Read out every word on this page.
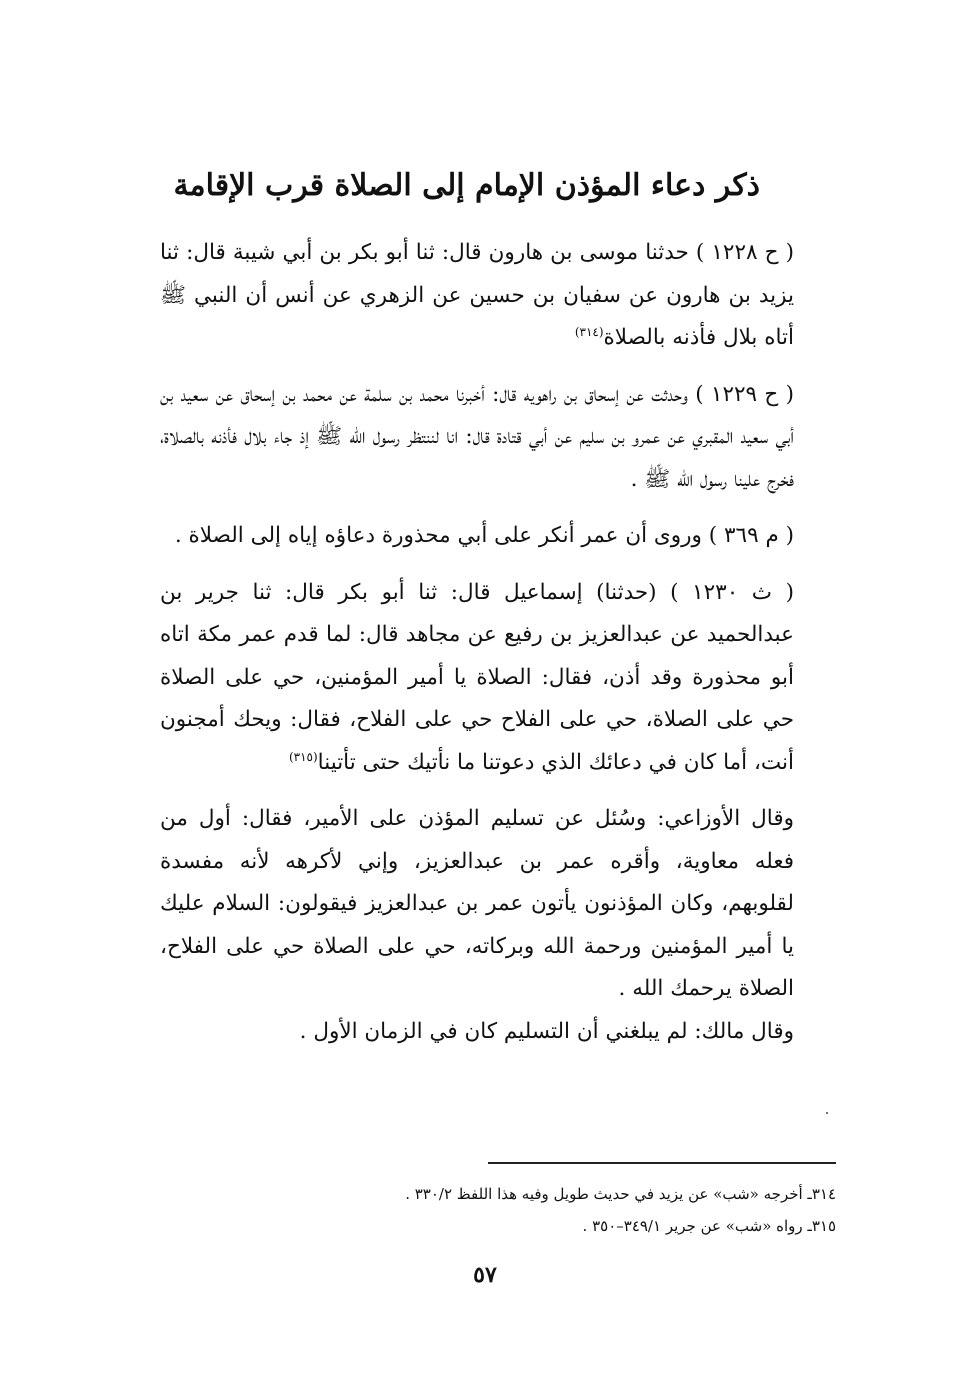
ذكر دعاء المؤذن الإمام إلى الصلاة قرب الإقامة

( ح ١٢٢٨ ) حدثنا موسى بن هارون قال: ثنا أبو بكر بن أبي شيبة قال: ثنا يزيد بن هارون عن سفيان بن حسين عن الزهري عن أنس أن النبي ﷺ أتاه بلال فأذنه بالصلاة$^{(٣١٤)}$

( ح ١٢٢٩ ) وحدثت عن إسحاق بن راهويه قال: أخبرنا محمد بن سلمة عن محمد بن إسحاق عن سعيد بن أبي سعيد المقبري عن عمرو بن سليم عن أبي قتادة قال: انا لننتظر رسول الله ﷺ إذ جاء بلال فأذنه بالصلاة، فخرج علينا رسول الله ﷺ .

( م ٣٦٩ ) وروى أن عمر أنكر على أبي محذورة دعاؤه إياه إلى الصلاة .

( ث ١٢٣٠ ) (حدثنا) إسماعيل قال: ثنا أبو بكر قال: ثنا جرير بن عبدالحميد عن عبدالعزيز بن رفيع عن مجاهد قال: لما قدم عمر مكة اتاه أبو محذورة وقد أذن، فقال: الصلاة يا أمير المؤمنين، حي على الصلاة حي على الصلاة، حي على الفلاح حي على الفلاح، فقال: ويحك أمجنون أنت، أما كان في دعائك الذي دعوتنا ما نأتيك حتى تأتينا$^{(٣١٥)}$

وقال الأوزاعي: وسُئل عن تسليم المؤذن على الأمير، فقال: أول من فعله معاوية، وأقره عمر بن عبدالعزيز، وإني لأكرهه لأنه مفسدة لقلوبهم، وكان المؤذنون يأتون عمر بن عبدالعزيز فيقولون: السلام عليك يا أمير المؤمنين ورحمة الله وبركاته، حي على الصلاة حي على الفلاح، الصلاة يرحمك الله .

وقال مالك: لم يبلغني أن التسليم كان في الزمان الأول .

٣١٤ـ أخرجه «شب» عن يزيد في حديث طويل وفيه هذا اللفظ ٣٣٠/٢ .

٣١٥ـ رواه «شب» عن جرير ٣٤٩/١–٣٥٠ .

٥٧
